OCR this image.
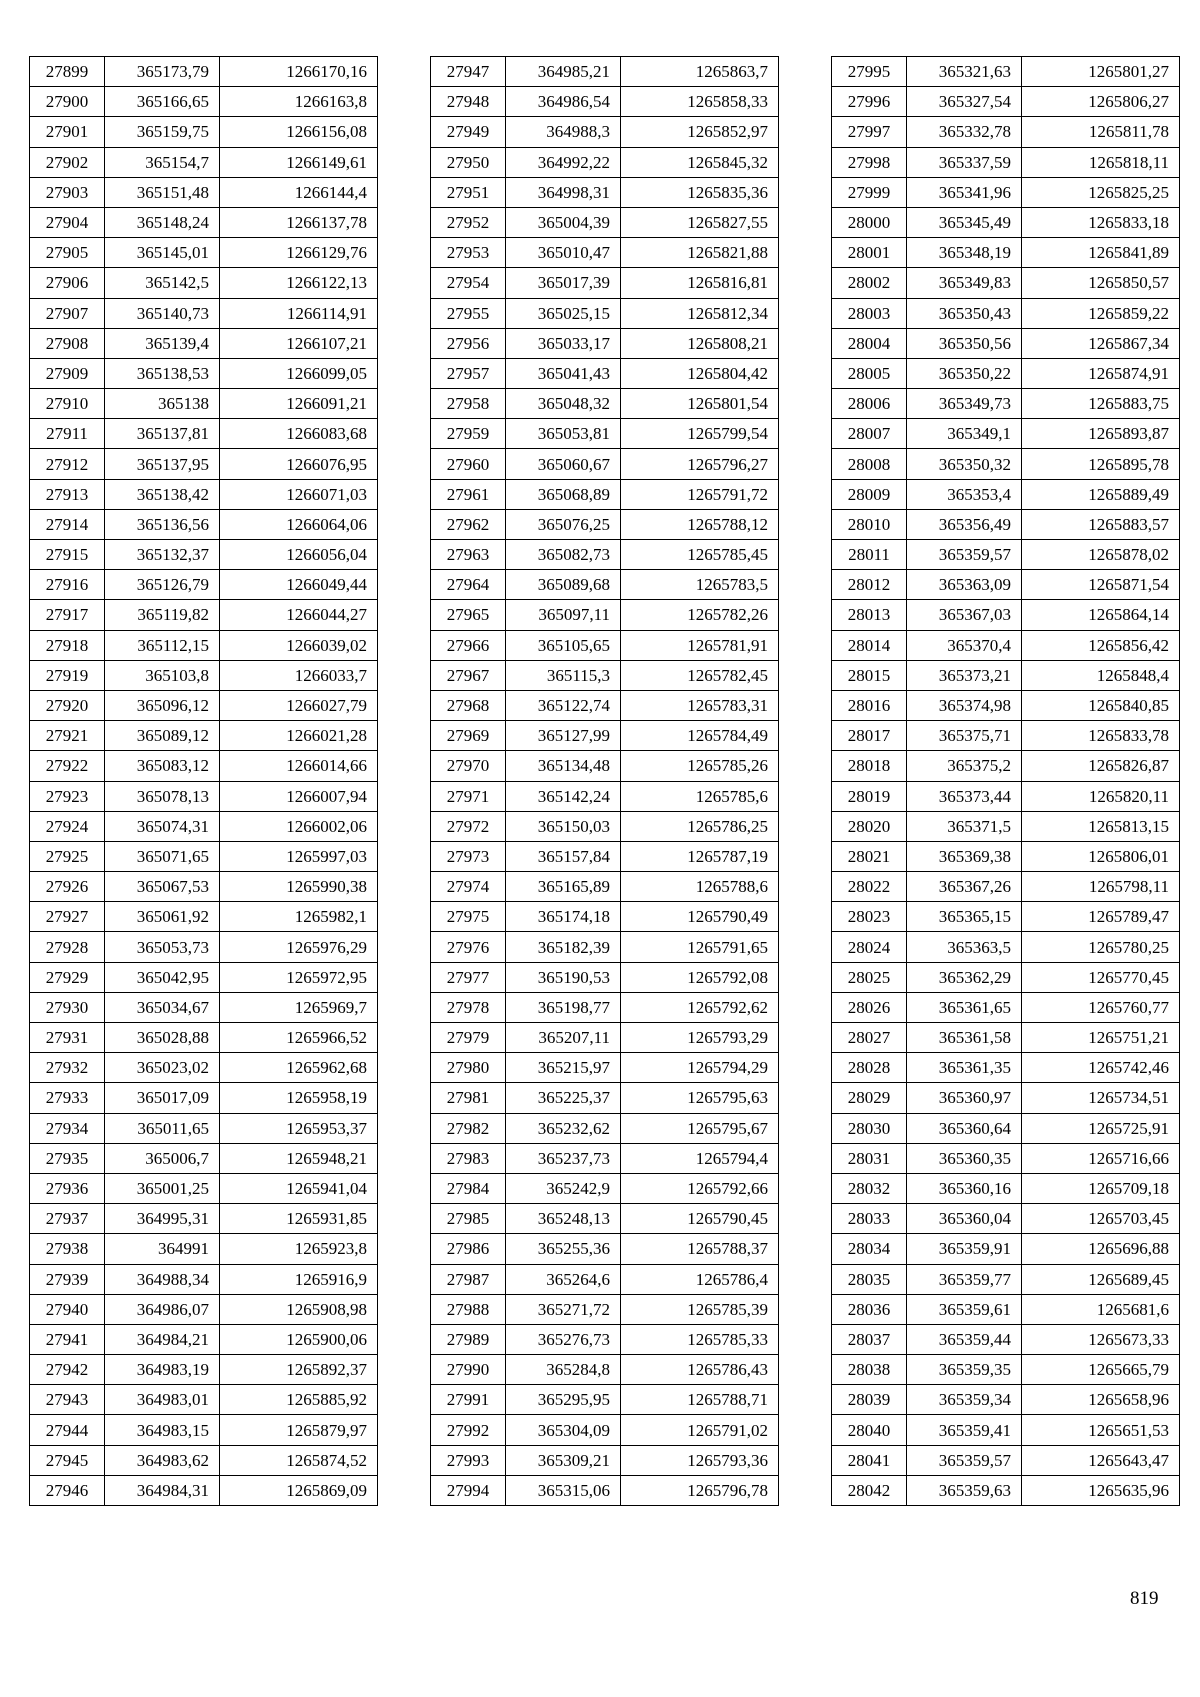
27899	365173,79	1266170,16
27900	365166,65	1266163,8
27901	365159,75	1266156,08
27902	365154,7	1266149,61
27903	365151,48	1266144,4
27904	365148,24	1266137,78
27905	365145,01	1266129,76
27906	365142,5	1266122,13
27907	365140,73	1266114,91
27908	365139,4	1266107,21
27909	365138,53	1266099,05
27910	365138	1266091,21
27911	365137,81	1266083,68
27912	365137,95	1266076,95
27913	365138,42	1266071,03
27914	365136,56	1266064,06
27915	365132,37	1266056,04
27916	365126,79	1266049,44
27917	365119,82	1266044,27
27918	365112,15	1266039,02
27919	365103,8	1266033,7
27920	365096,12	1266027,79
27921	365089,12	1266021,28
27922	365083,12	1266014,66
27923	365078,13	1266007,94
27924	365074,31	1266002,06
27925	365071,65	1265997,03
27926	365067,53	1265990,38
27927	365061,92	1265982,1
27928	365053,73	1265976,29
27929	365042,95	1265972,95
27930	365034,67	1265969,7
27931	365028,88	1265966,52
27932	365023,02	1265962,68
27933	365017,09	1265958,19
27934	365011,65	1265953,37
27935	365006,7	1265948,21
27936	365001,25	1265941,04
27937	364995,31	1265931,85
27938	364991	1265923,8
27939	364988,34	1265916,9
27940	364986,07	1265908,98
27941	364984,21	1265900,06
27942	364983,19	1265892,37
27943	364983,01	1265885,92
27944	364983,15	1265879,97
27945	364983,62	1265874,52
27946	364984,31	1265869,09
27947	364985,21	1265863,7
27948	364986,54	1265858,33
27949	364988,3	1265852,97
27950	364992,22	1265845,32
27951	364998,31	1265835,36
27952	365004,39	1265827,55
27953	365010,47	1265821,88
27954	365017,39	1265816,81
27955	365025,15	1265812,34
27956	365033,17	1265808,21
27957	365041,43	1265804,42
27958	365048,32	1265801,54
27959	365053,81	1265799,54
27960	365060,67	1265796,27
27961	365068,89	1265791,72
27962	365076,25	1265788,12
27963	365082,73	1265785,45
27964	365089,68	1265783,5
27965	365097,11	1265782,26
27966	365105,65	1265781,91
27967	365115,3	1265782,45
27968	365122,74	1265783,31
27969	365127,99	1265784,49
27970	365134,48	1265785,26
27971	365142,24	1265785,6
27972	365150,03	1265786,25
27973	365157,84	1265787,19
27974	365165,89	1265788,6
27975	365174,18	1265790,49
27976	365182,39	1265791,65
27977	365190,53	1265792,08
27978	365198,77	1265792,62
27979	365207,11	1265793,29
27980	365215,97	1265794,29
27981	365225,37	1265795,63
27982	365232,62	1265795,67
27983	365237,73	1265794,4
27984	365242,9	1265792,66
27985	365248,13	1265790,45
27986	365255,36	1265788,37
27987	365264,6	1265786,4
27988	365271,72	1265785,39
27989	365276,73	1265785,33
27990	365284,8	1265786,43
27991	365295,95	1265788,71
27992	365304,09	1265791,02
27993	365309,21	1265793,36
27994	365315,06	1265796,78
27995	365321,63	1265801,27
27996	365327,54	1265806,27
27997	365332,78	1265811,78
27998	365337,59	1265818,11
27999	365341,96	1265825,25
28000	365345,49	1265833,18
28001	365348,19	1265841,89
28002	365349,83	1265850,57
28003	365350,43	1265859,22
28004	365350,56	1265867,34
28005	365350,22	1265874,91
28006	365349,73	1265883,75
28007	365349,1	1265893,87
28008	365350,32	1265895,78
28009	365353,4	1265889,49
28010	365356,49	1265883,57
28011	365359,57	1265878,02
28012	365363,09	1265871,54
28013	365367,03	1265864,14
28014	365370,4	1265856,42
28015	365373,21	1265848,4
28016	365374,98	1265840,85
28017	365375,71	1265833,78
28018	365375,2	1265826,87
28019	365373,44	1265820,11
28020	365371,5	1265813,15
28021	365369,38	1265806,01
28022	365367,26	1265798,11
28023	365365,15	1265789,47
28024	365363,5	1265780,25
28025	365362,29	1265770,45
28026	365361,65	1265760,77
28027	365361,58	1265751,21
28028	365361,35	1265742,46
28029	365360,97	1265734,51
28030	365360,64	1265725,91
28031	365360,35	1265716,66
28032	365360,16	1265709,18
28033	365360,04	1265703,45
28034	365359,91	1265696,88
28035	365359,77	1265689,45
28036	365359,61	1265681,6
28037	365359,44	1265673,33
28038	365359,35	1265665,79
28039	365359,34	1265658,96
28040	365359,41	1265651,53
28041	365359,57	1265643,47
28042	365359,63	1265635,96
819
